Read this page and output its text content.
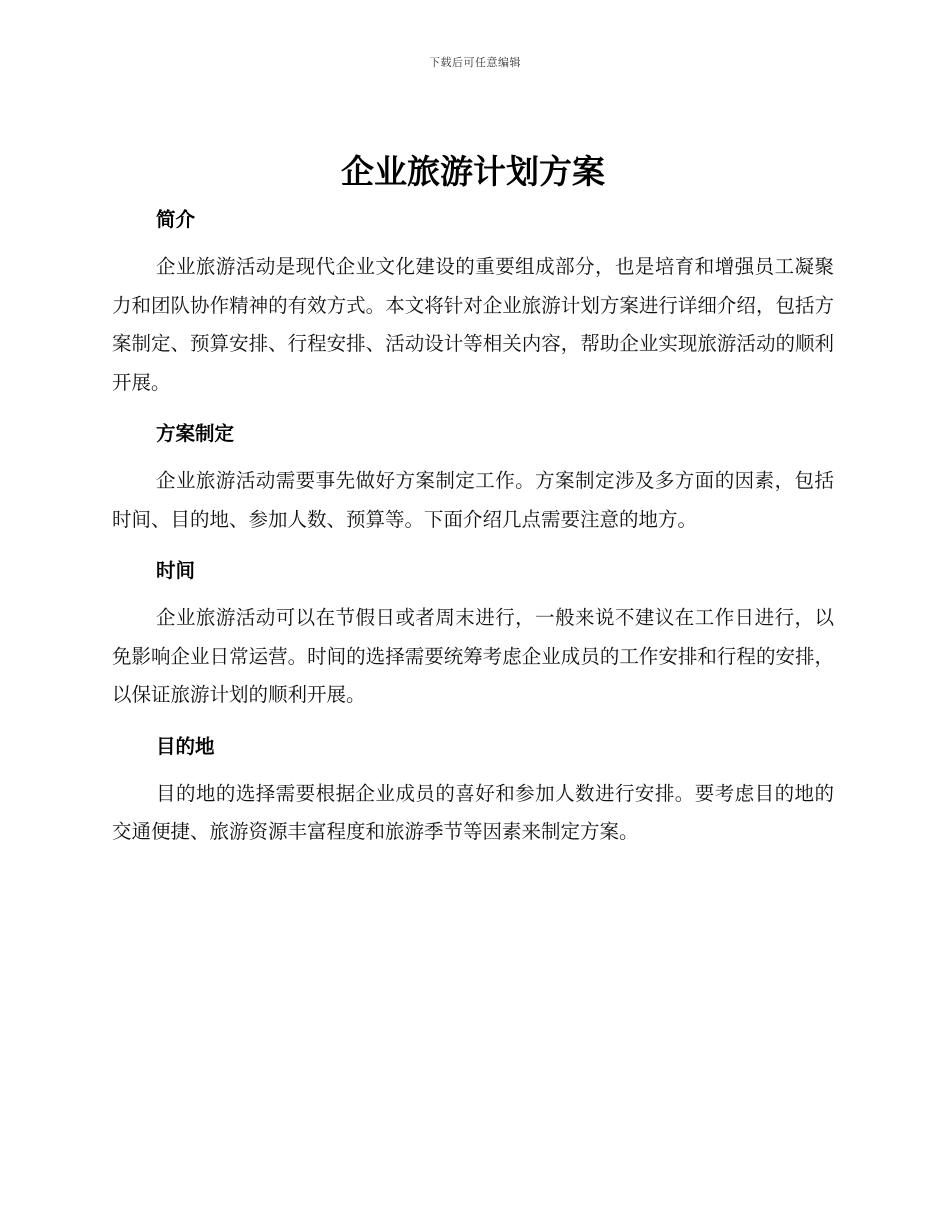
下载后可任意编辑
企业旅游计划方案
简介

企业旅游活动是现代企业文化建设的重要组成部分，也是培育和增强员工凝聚力和团队协作精神的有效方式。本文将针对企业旅游计划方案进行详细介绍，包括方案制定、预算安排、行程安排、活动设计等相关内容，帮助企业实现旅游活动的顺利开展。

方案制定

企业旅游活动需要事先做好方案制定工作。方案制定涉及多方面的因素，包括时间、目的地、参加人数、预算等。下面介绍几点需要注意的地方。

时间

企业旅游活动可以在节假日或者周末进行，一般来说不建议在工作日进行，以免影响企业日常运营。时间的选择需要统筹考虑企业成员的工作安排和行程的安排，以保证旅游计划的顺利开展。

目的地

目的地的选择需要根据企业成员的喜好和参加人数进行安排。要考虑目的地的交通便捷、旅游资源丰富程度和旅游季节等因素来制定方案。
